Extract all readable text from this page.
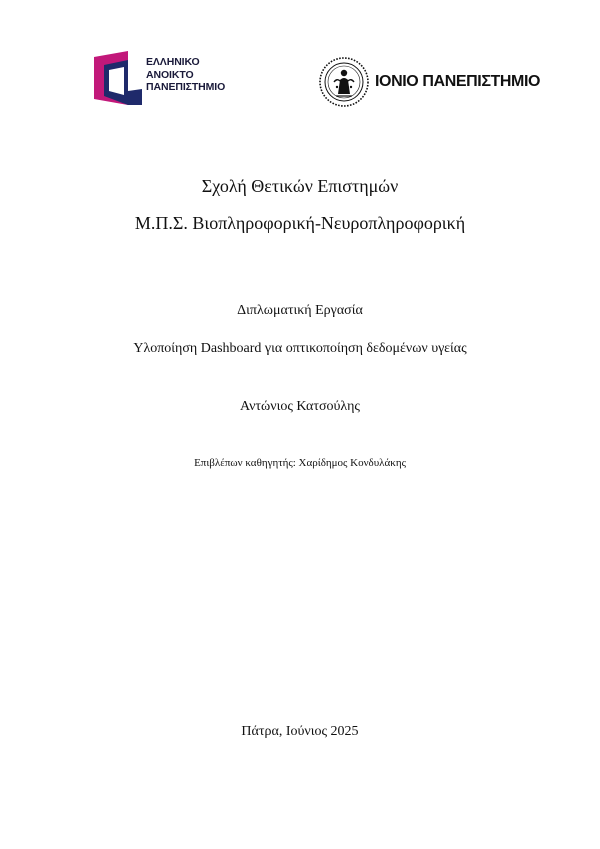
ΕΛΛΗΝΙΚΟ
ΑΝΟΙΚΤΟ
ΠΑΝΕΠΙΣΤΗΜΙΟ	ΙΟΝΙΟ ΠΑΝΕΠΙΣΤΗΜΙΟ
Σχολή Θετικών Επιστημών
Μ.Π.Σ. Βιοπληροφορική-Νευροπληροφορική
Διπλωματική Εργασία
Υλοποίηση Dashboard για οπτικοποίηση δεδομένων υγείας
Αντώνιος Κατσούλης
Επιβλέπων καθηγητής: Χαρίδημος Κονδυλάκης
Πάτρα, Ιούνιος 2025
